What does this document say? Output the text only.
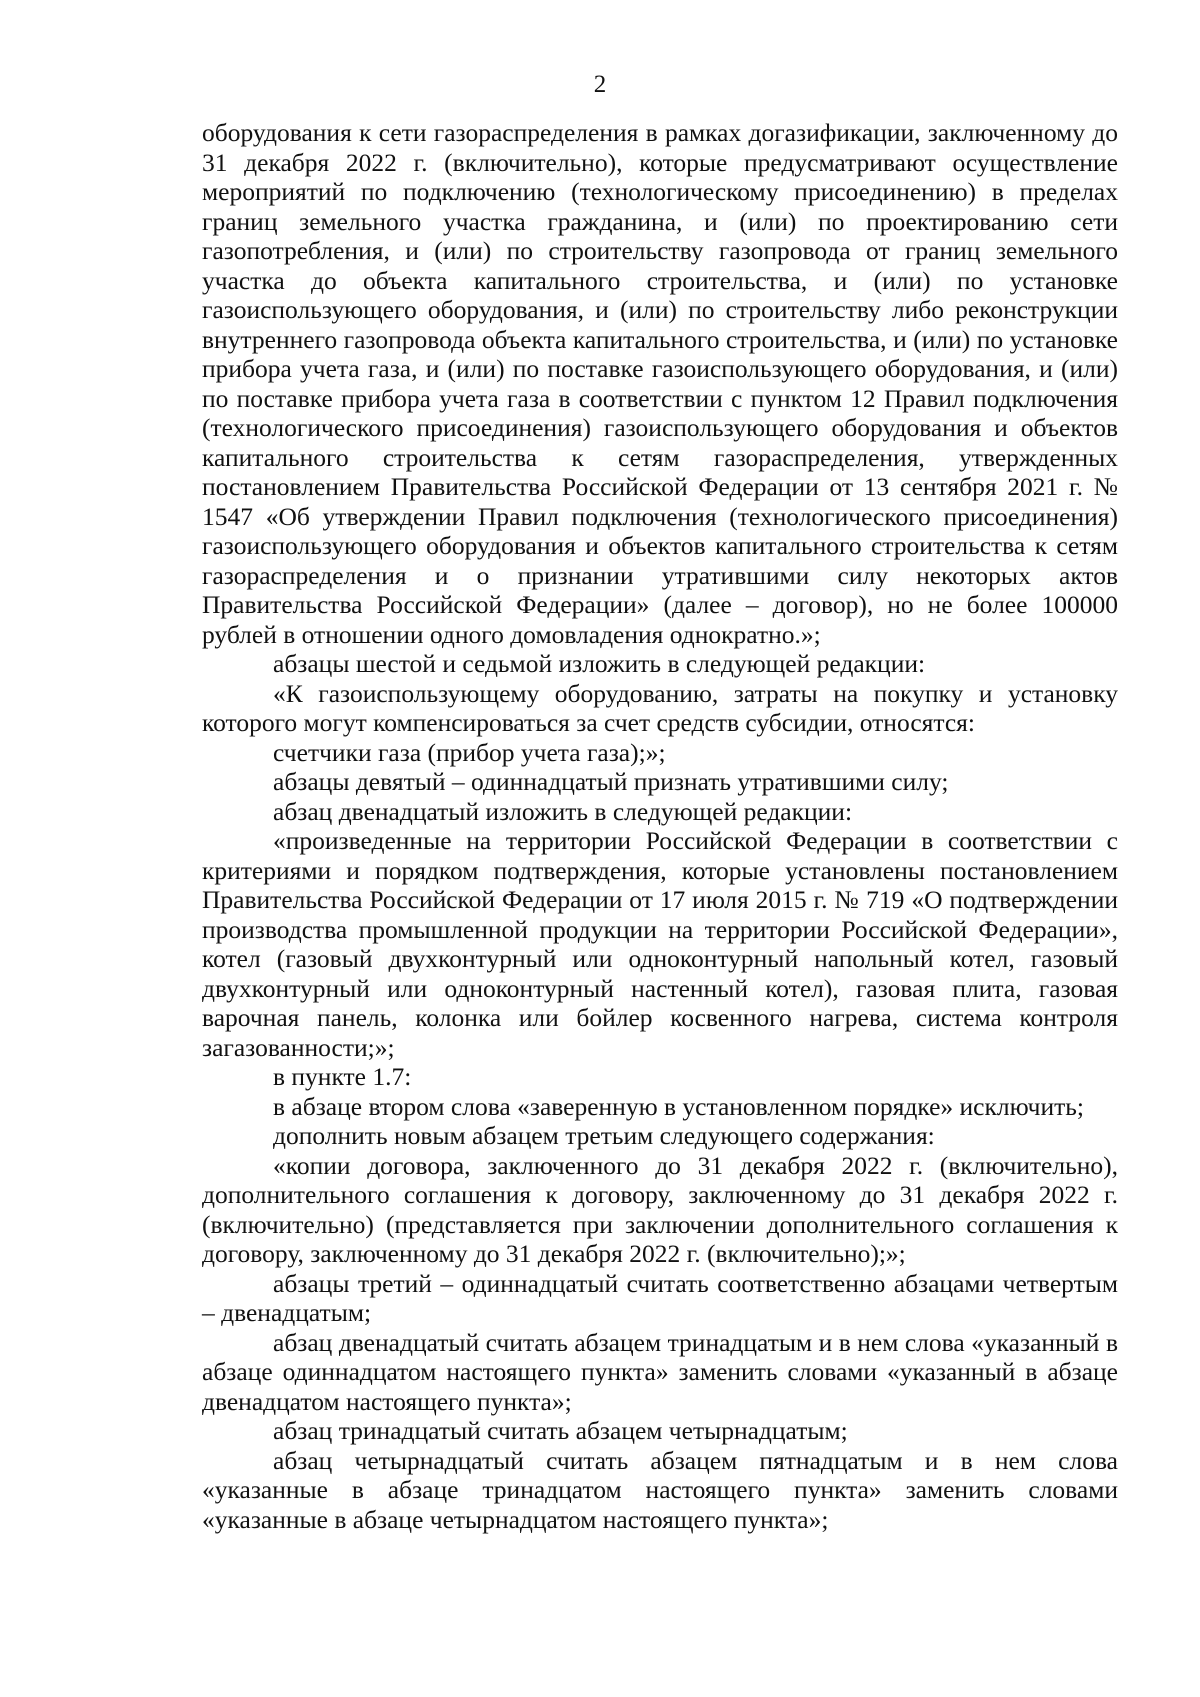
2

оборудования к сети газораспределения в рамках догазификации, заключенному до 31 декабря 2022 г. (включительно), которые предусматривают осуществление мероприятий по подключению (технологическому присоединению) в пределах границ земельного участка гражданина, и (или) по проектированию сети газопотребления, и (или) по строительству газопровода от границ земельного участка до объекта капитального строительства, и (или) по установке газоиспользующего оборудования, и (или) по строительству либо реконструкции внутреннего газопровода объекта капитального строительства, и (или) по установке прибора учета газа, и (или) по поставке газоиспользующего оборудования, и (или) по поставке прибора учета газа в соответствии с пунктом 12 Правил подключения (технологического присоединения) газоиспользующего оборудования и объектов капитального строительства к сетям газораспределения, утвержденных постановлением Правительства Российской Федерации от 13 сентября 2021 г. № 1547 «Об утверждении Правил подключения (технологического присоединения) газоиспользующего оборудования и объектов капитального строительства к сетям газораспределения и о признании утратившими силу некоторых актов Правительства Российской Федерации» (далее – договор), но не более 100000 рублей в отношении одного домовладения однократно.»;

абзацы шестой и седьмой изложить в следующей редакции:

«К газоиспользующему оборудованию, затраты на покупку и установку которого могут компенсироваться за счет средств субсидии, относятся:

счетчики газа (прибор учета газа);»;

абзацы девятый – одиннадцатый признать утратившими силу;

абзац двенадцатый изложить в следующей редакции:

«произведенные на территории Российской Федерации в соответствии с критериями и порядком подтверждения, которые установлены постановлением Правительства Российской Федерации от 17 июля 2015 г. № 719 «О подтверждении производства промышленной продукции на территории Российской Федерации», котел (газовый двухконтурный или одноконтурный напольный котел, газовый двухконтурный или одноконтурный настенный котел), газовая плита, газовая варочная панель, колонка или бойлер косвенного нагрева, система контроля загазованности;»;

в пункте 1.7:

в абзаце втором слова «заверенную в установленном порядке» исключить;

дополнить новым абзацем третьим следующего содержания:

«копии договора, заключенного до 31 декабря 2022 г. (включительно), дополнительного соглашения к договору, заключенному до 31 декабря 2022 г. (включительно) (представляется при заключении дополнительного соглашения к договору, заключенному до 31 декабря 2022 г. (включительно);»;

абзацы третий – одиннадцатый считать соответственно абзацами четвертым – двенадцатым;

абзац двенадцатый считать абзацем тринадцатым и в нем слова «указанный в абзаце одиннадцатом настоящего пункта» заменить словами «указанный в абзаце двенадцатом настоящего пункта»;

абзац тринадцатый считать абзацем четырнадцатым;

абзац четырнадцатый считать абзацем пятнадцатым и в нем слова «указанные в абзаце тринадцатом настоящего пункта» заменить словами «указанные в абзаце четырнадцатом настоящего пункта»;
